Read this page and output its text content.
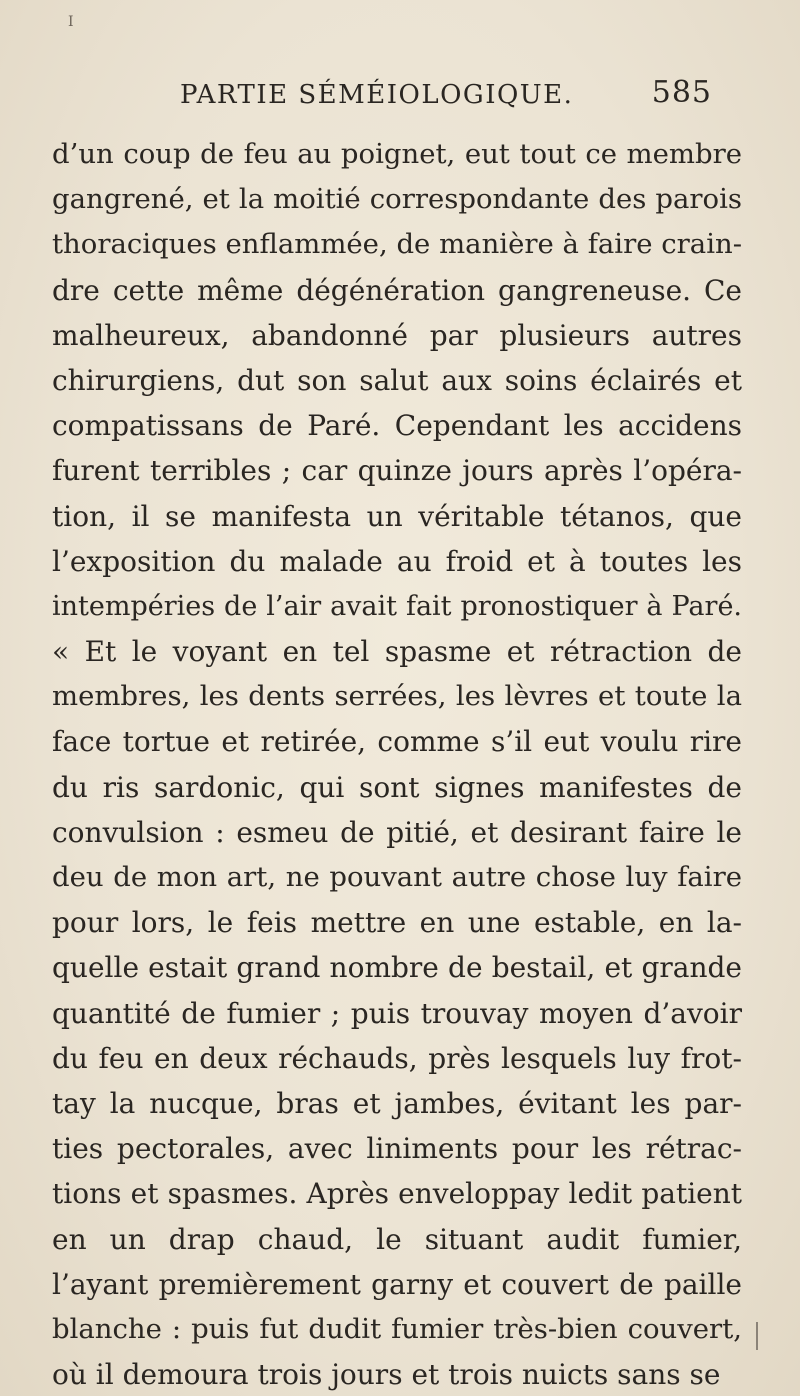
I
PARTIE SÉMÉIOLOGIQUE.	585
d’un coup de feu au poignet, eut tout ce membre
gangrené, et la moitié correspondante des parois
thoraciques enflammée, de manière à faire crain-
dre cette même dégénération gangreneuse. Ce
malheureux, abandonné par plusieurs autres
chirurgiens, dut son salut aux soins éclairés et
compatissans de Paré. Cependant les accidens
furent terribles ; car quinze jours après l’opéra-
tion, il se manifesta un véritable tétanos, que
l’exposition du malade au froid et à toutes les
intempéries de l’air avait fait pronostiquer à Paré.
« Et le voyant en tel spasme et rétraction de
membres, les dents serrées, les lèvres et toute la
face tortue et retirée, comme s’il eut voulu rire
du ris sardonic, qui sont signes manifestes de
convulsion : esmeu de pitié, et desirant faire le
deu de mon art, ne pouvant autre chose luy faire
pour lors, le feis mettre en une estable, en la-
quelle estait grand nombre de bestail, et grande
quantité de fumier ; puis trouvay moyen d’avoir
du feu en deux réchauds, près lesquels luy frot-
tay la nucque, bras et jambes, évitant les par-
ties pectorales, avec liniments pour les rétrac-
tions et spasmes. Après enveloppay ledit patient
en un drap chaud, le situant audit fumier,
l’ayant premièrement garny et couvert de paille
blanche : puis fut dudit fumier très-bien couvert,
où il demoura trois jours et trois nuicts sans se
